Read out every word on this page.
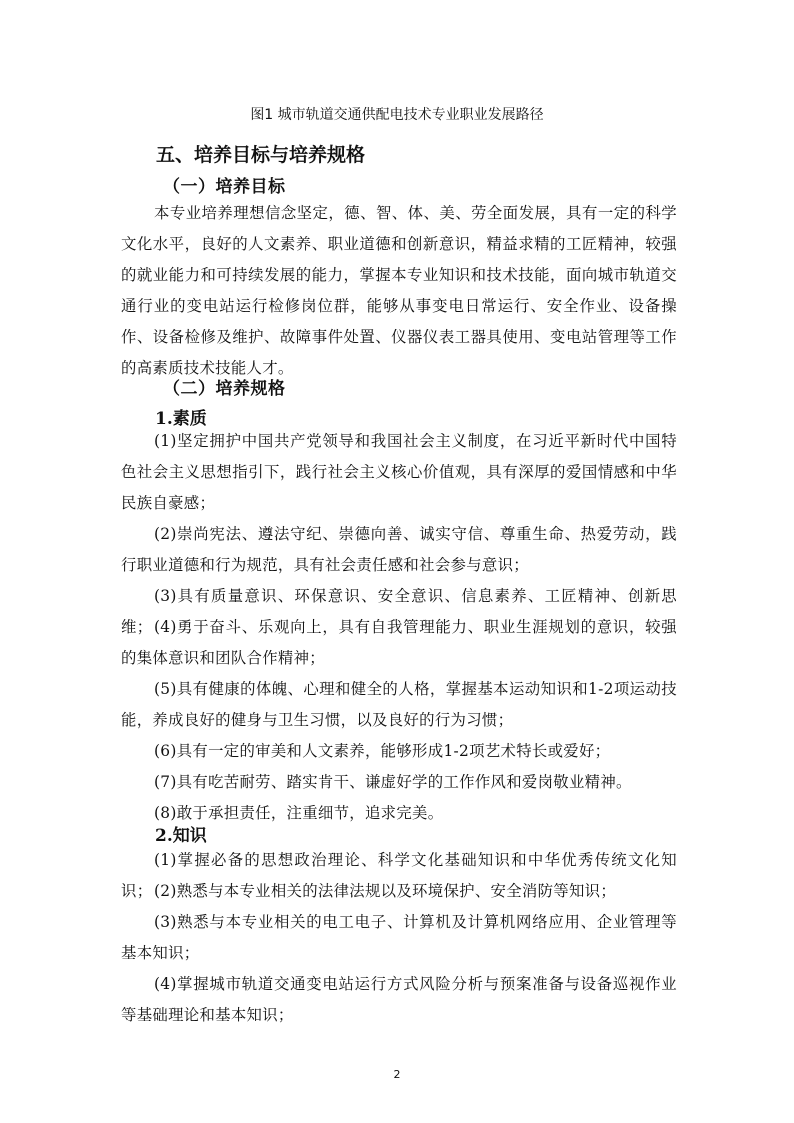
图1 城市轨道交通供配电技术专业职业发展路径
五、培养目标与培养规格
（一）培养目标

本专业培养理想信念坚定，德、智、体、美、劳全面发展，具有一定的科学文化水平，良好的人文素养、职业道德和创新意识，精益求精的工匠精神，较强的就业能力和可持续发展的能力，掌握本专业知识和技术技能，面向城市轨道交通行业的变电站运行检修岗位群，能够从事变电日常运行、安全作业、设备操作、设备检修及维护、故障事件处置、仪器仪表工器具使用、变电站管理等工作的高素质技术技能人才。

（二）培养规格
1.素质

(1)坚定拥护中国共产党领导和我国社会主义制度，在习近平新时代中国特色社会主义思想指引下，践行社会主义核心价值观，具有深厚的爱国情感和中华民族自豪感；

(2)崇尚宪法、遵法守纪、崇德向善、诚实守信、尊重生命、热爱劳动，践行职业道德和行为规范，具有社会责任感和社会参与意识；

(3)具有质量意识、环保意识、安全意识、信息素养、工匠精神、创新思维； (4)勇于奋斗、乐观向上，具有自我管理能力、职业生涯规划的意识，较强的集体意识和团队合作精神；

(5)具有健康的体魄、心理和健全的人格，掌握基本运动知识和1-2项运动技能，养成良好的健身与卫生习惯，以及良好的行为习惯；

(6)具有一定的审美和人文素养，能够形成1-2项艺术特长或爱好；

(7)具有吃苦耐劳、踏实肯干、谦虚好学的工作作风和爱岗敬业精神。

(8)敢于承担责任，注重细节，追求完美。

2.知识

(1)掌握必备的思想政治理论、科学文化基础知识和中华优秀传统文化知识； (2)熟悉与本专业相关的法律法规以及环境保护、安全消防等知识；

(3)熟悉与本专业相关的电工电子、计算机及计算机网络应用、企业管理等基本知识；

(4)掌握城市轨道交通变电站运行方式风险分析与预案准备与设备巡视作业等基础理论和基本知识；

2
